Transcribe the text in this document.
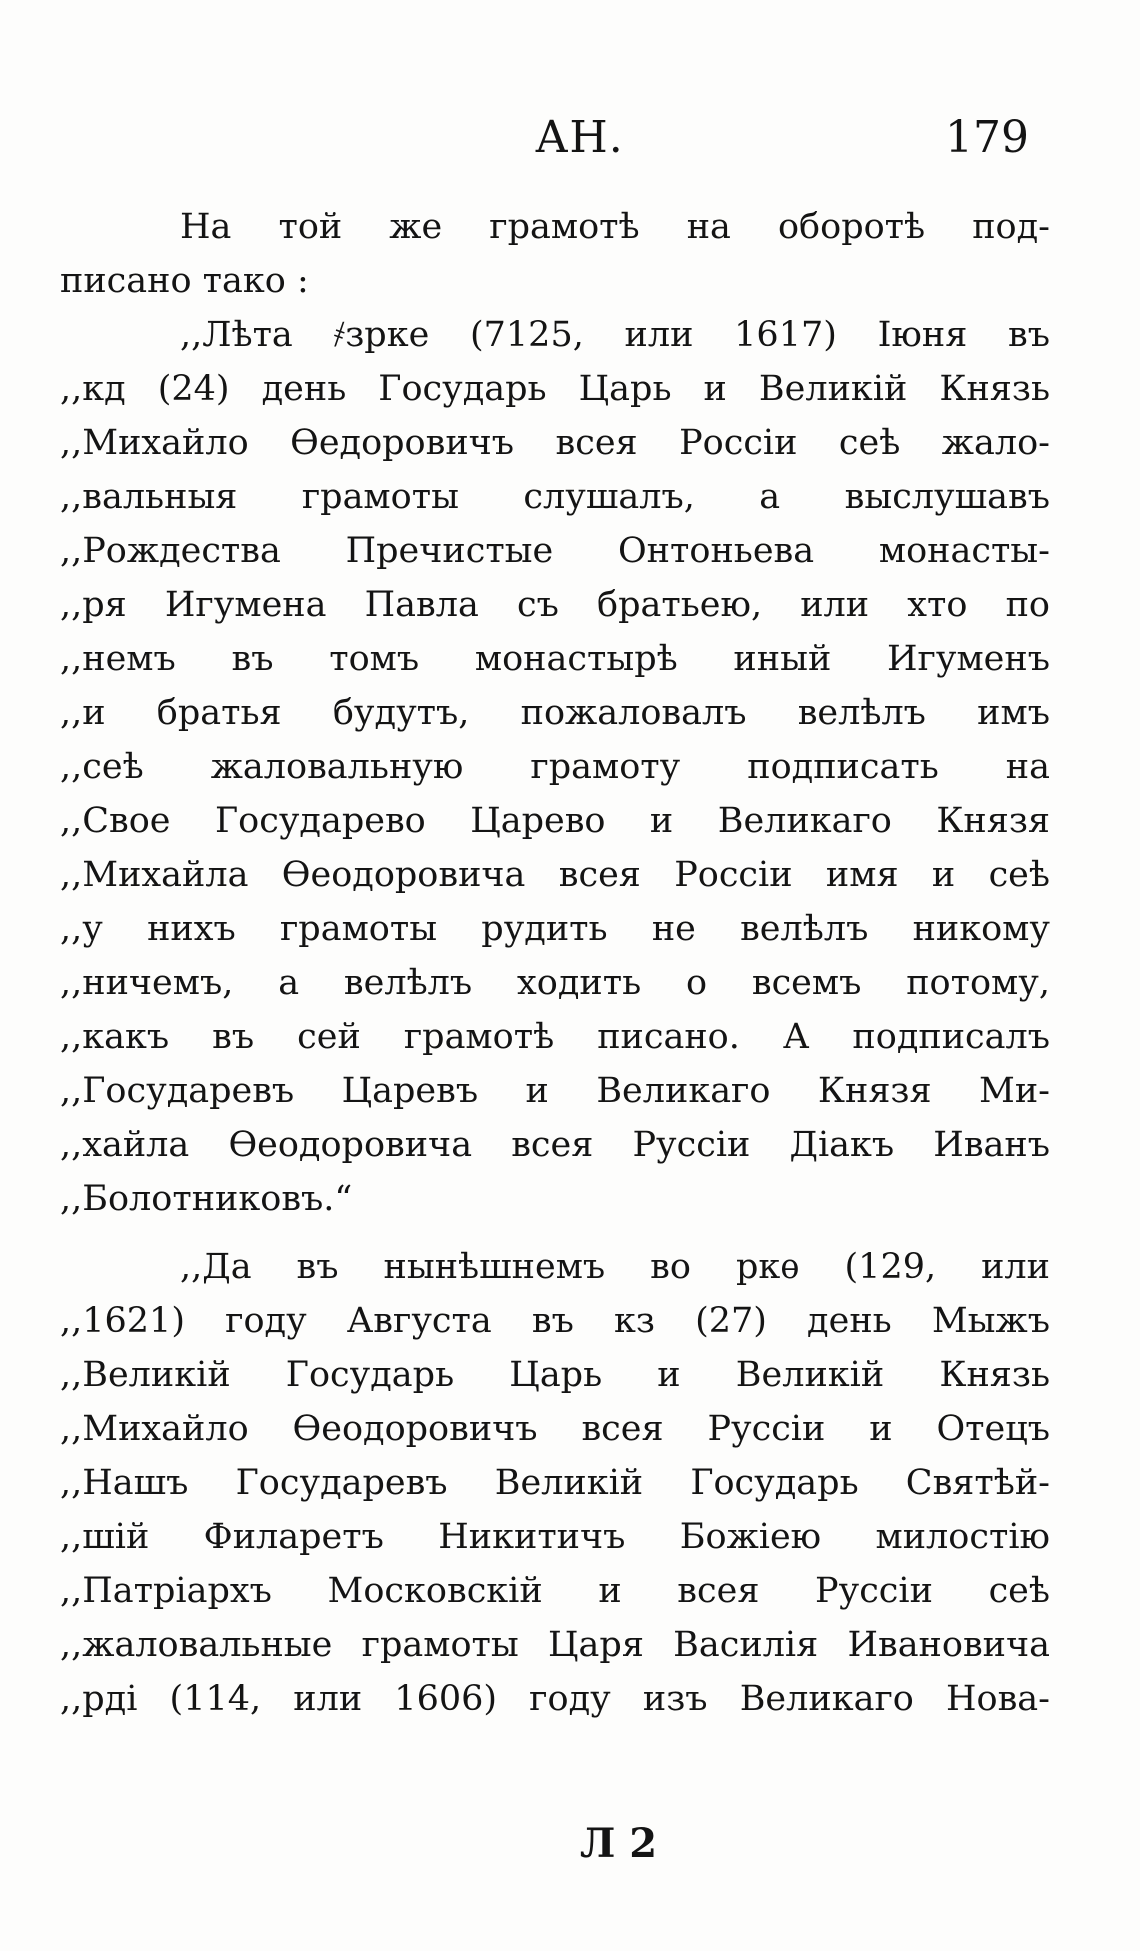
АН.	179
На той же грамотѣ на оборотѣ под-
писано тако :
,,Лѣта ҂зрке (7125, или 1617) Іюня въ
,,кд (24) день Государь Царь и Великій Князь
,,Михайло Ѳедоровичъ всея Россіи сеѣ жало-
,,вальныя грамоты слушалъ, а выслушавъ
,,Рождества Пречистые Онтоньева монасты-
,,ря Игумена Павла съ братьею, или хто по
,,немъ въ томъ монастырѣ иный Игуменъ
,,и братья будутъ, пожаловалъ велѣлъ имъ
,,сеѣ жаловальную грамоту подписать на
,,Свое Государево Царево и Великаго Князя
,,Михайла Ѳеодоровича всея Россіи имя и сеѣ
,,у нихъ грамоты рудить не велѣлъ никому
,,ничемъ, а велѣлъ ходить о всемъ потому,
,,какъ въ сей грамотѣ писано. А подписалъ
,,Государевъ Царевъ и Великаго Князя Ми-
,,хайла Ѳеодоровича всея Руссіи Діакъ Иванъ
,,Болотниковъ.“
,,Да въ нынѣшнемъ во ркѳ (129, или
,,1621) году Августа въ кз (27) день Мыжъ
,,Великій Государь Царь и Великій Князь
,,Михайло Ѳеодоровичъ всея Руссіи и Отецъ
,,Нашъ Государевъ Великій Государь Святѣй-
,,шій Филаретъ Никитичъ Божіею милостію
,,Патріархъ Московскій и всея Руссіи сеѣ
,,жаловальные грамоты Царя Василія Ивановича
,,рді (114, или 1606) году изъ Великаго Нова-
Л 2
